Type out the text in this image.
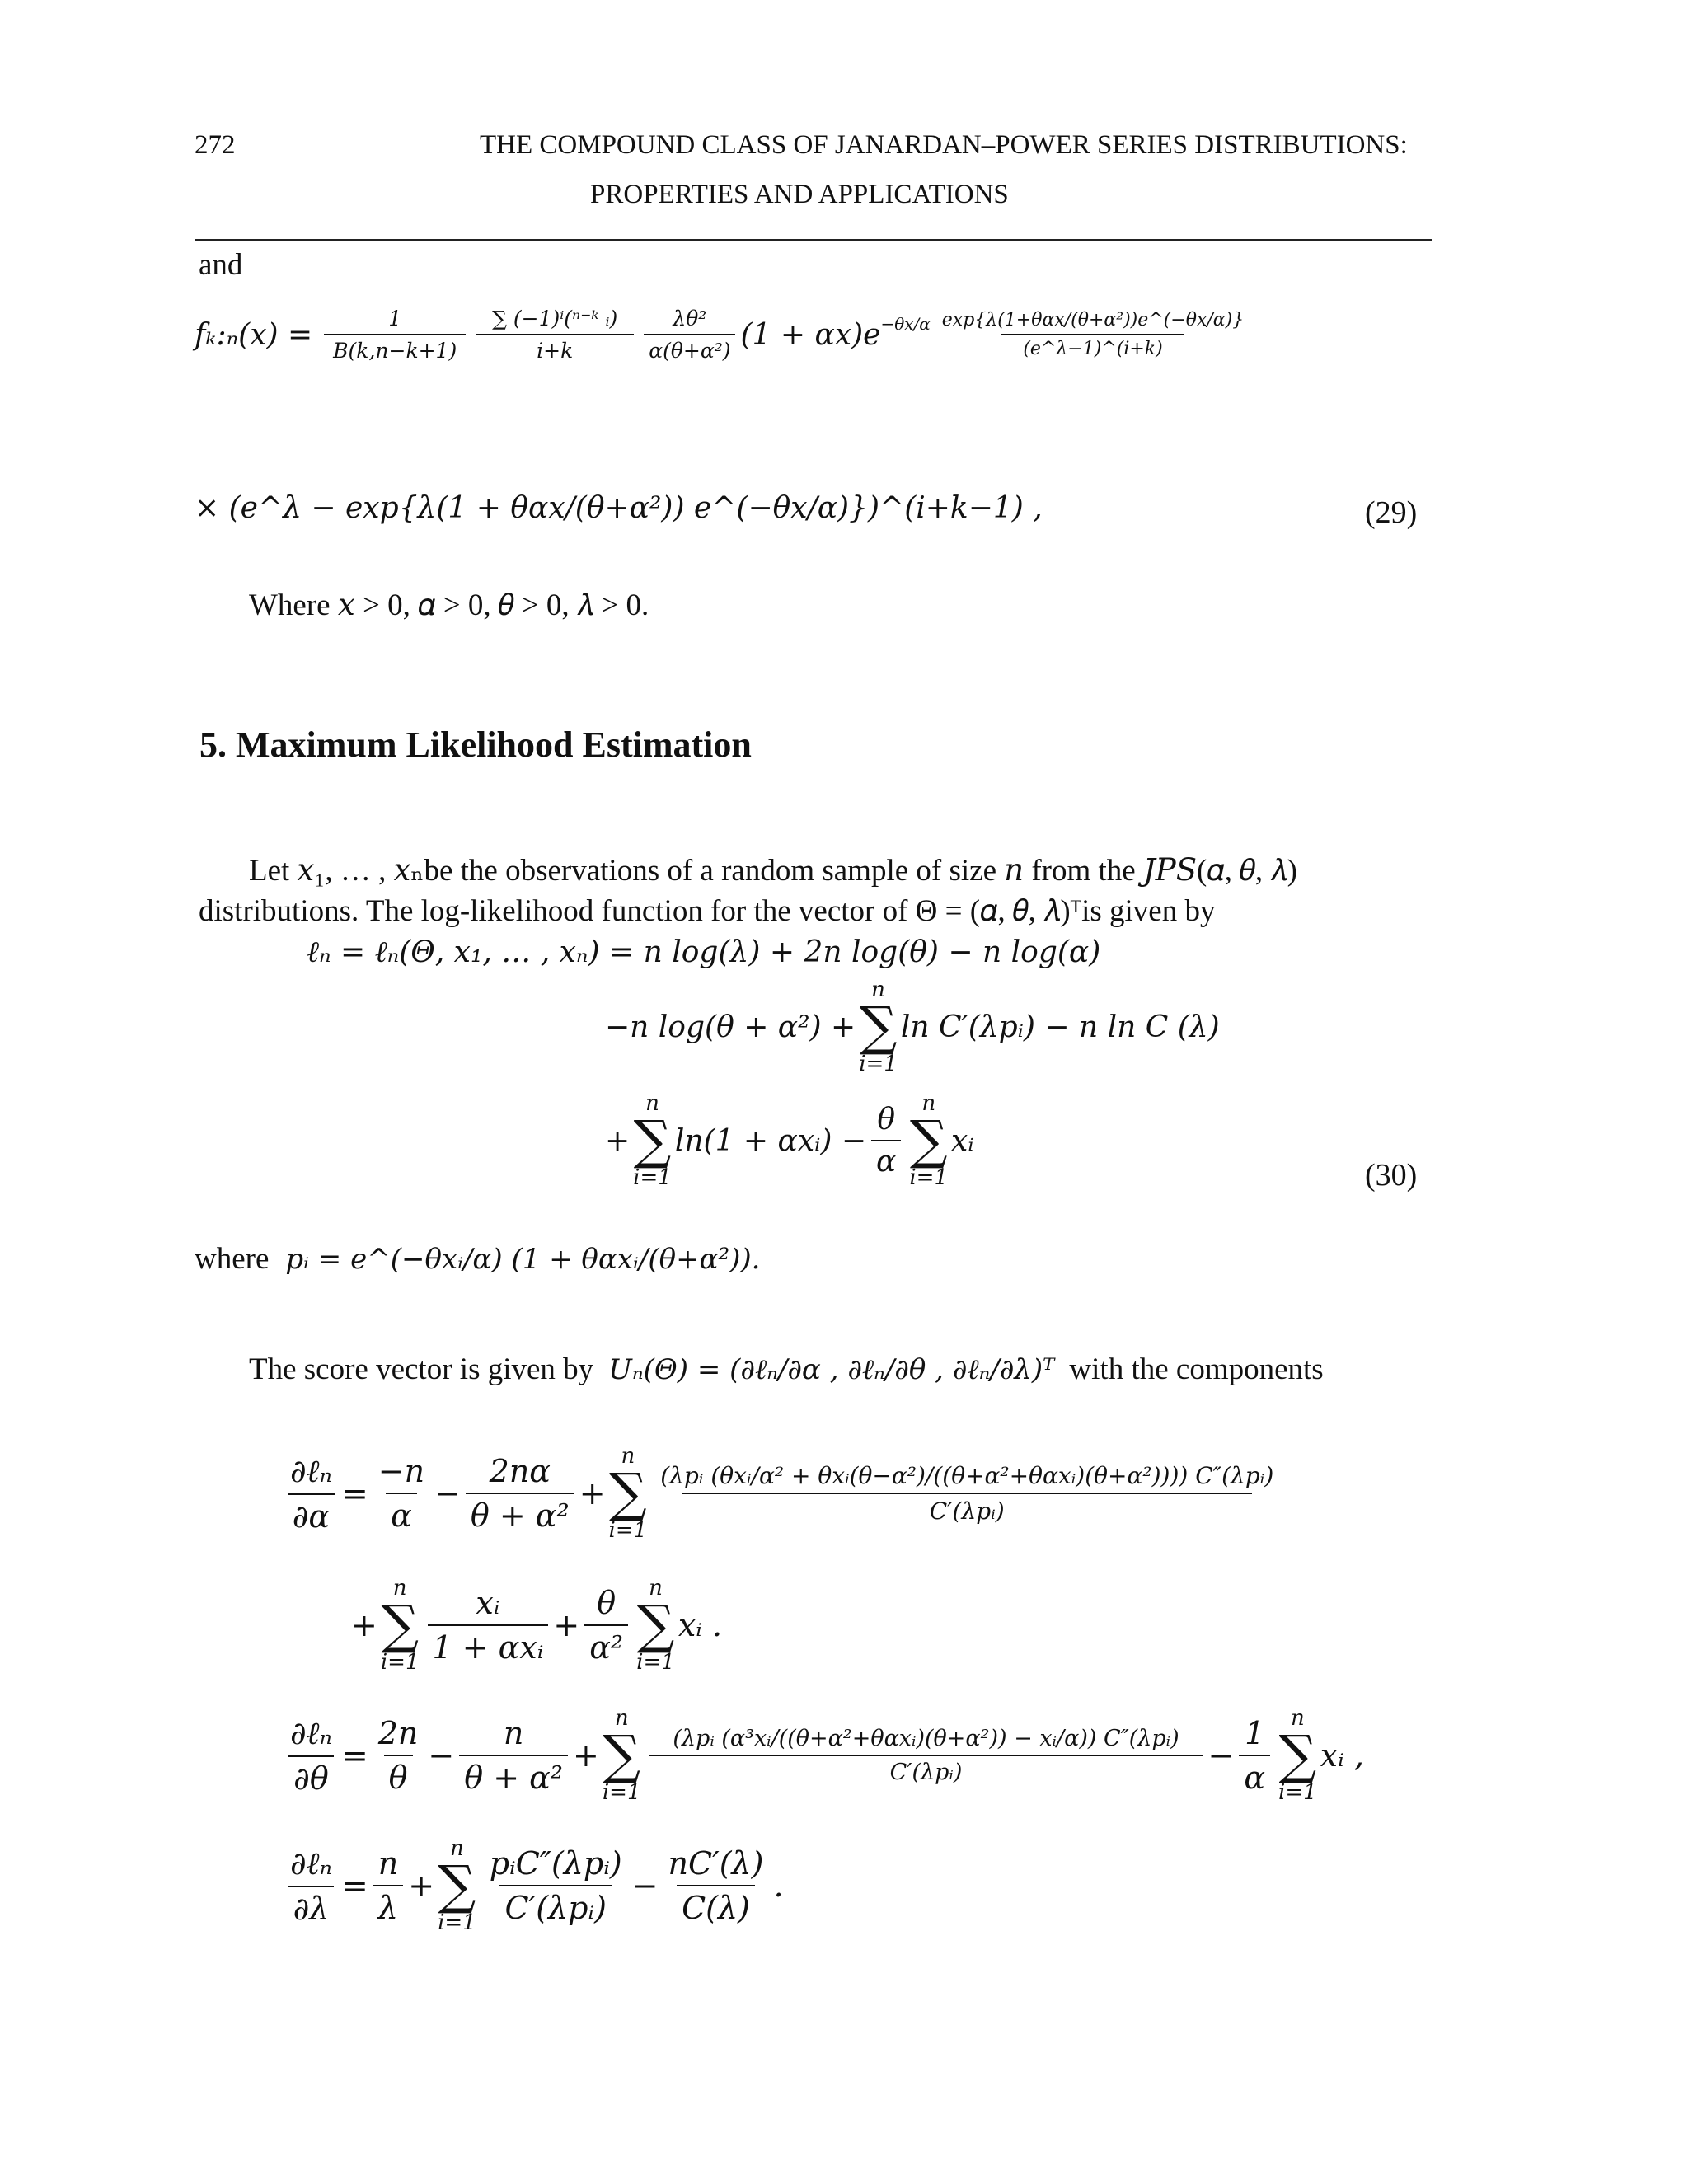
272	THE COMPOUND CLASS OF JANARDAN–POWER SERIES DISTRIBUTIONS:
PROPERTIES AND APPLICATIONS
and
𝑓ₖ:ₙ(𝑥) = $\frac{1}{\text{𝐵(𝑘,𝑛−𝑘+1)}} \frac{\text{∑ (−1)ⁱ(ⁿ⁻ᵏ ᵢ)}}{\text{𝑖+𝑘}} \frac{\text{𝜆𝜃²}}{\text{𝛼(𝜃+𝛼²)}} (1$ + 𝛼𝑥)𝑒$^{-𝜃𝑥/𝛼}$ $\frac{\text{𝑒𝑥𝑝\{𝜆(1+𝜃𝛼𝑥/(𝜃+𝛼²))𝑒\textasciicircum{}(−𝜃𝑥/𝛼)\}}}{\text{(𝑒\textasciicircum{}𝜆−1)\textasciicircum{}(𝑖+𝑘)}}$
× (𝑒^𝜆 − 𝑒𝑥𝑝{𝜆(1 + 𝜃𝛼𝑥/(𝜃+𝛼²)) 𝑒^(−𝜃𝑥/𝛼)})^(𝑖+𝑘−1) ,	(29)
Where 𝑥 > 0, 𝛼 > 0, 𝜃 > 0, 𝜆 > 0.
5. Maximum Likelihood Estimation
Let 𝑥₁, … , 𝑥ₙbe the observations of a random sample of size 𝑛 from the 𝐽𝑃𝑆(𝛼, 𝜃, 𝜆)
distributions. The log-likelihood function for the vector of Θ = (𝛼, 𝜃, 𝜆)ᵀis given by
ℓₙ = ℓₙ(Θ, 𝑥₁, … , 𝑥ₙ) = 𝑛 𝑙𝑜𝑔(𝜆) + 2𝑛 𝑙𝑜𝑔(𝜃) − 𝑛 𝑙𝑜𝑔(𝛼)
−𝑛 𝑙𝑜𝑔(𝜃 + 𝛼²) +
𝑛
∑
𝑖=1
𝑙𝑛 𝐶′(𝜆𝑝ᵢ) − 𝑛 𝑙𝑛 𝐶 (𝜆)
+
𝑛
∑
𝑖=1
𝑙𝑛(1 + 𝛼𝑥ᵢ) − $\frac{\text{𝜃}}{\text{𝛼}}$ 𝑛
∑
𝑖=1
𝑥ᵢ
(30)
where 𝑝ᵢ = 𝑒^(−𝜃𝑥ᵢ/𝛼) (1 + 𝜃𝛼𝑥ᵢ/(𝜃+𝛼²)).
The score vector is given by 𝑈ₙ(Θ) = (∂ℓₙ/∂𝛼 , ∂ℓₙ/∂𝜃 , ∂ℓₙ/∂𝜆)ᵀ with the components
$\frac{\text{∂ℓₙ}}{\text{∂𝛼}} = \frac{\text{−𝑛}}{\text{𝛼}} - \frac{\text{2𝑛𝛼}}{\text{𝜃 + 𝛼²}}$ +
𝑛
∑
𝑖=1
(𝜆𝑝ᵢ (𝜃𝑥ᵢ/𝛼² + 𝜃𝑥ᵢ(𝜃−𝛼²)/((𝜃+𝛼²+𝜃𝛼𝑥ᵢ)(𝜃+𝛼²)))) 𝐶″(𝜆𝑝ᵢ)
𝐶′(𝜆𝑝ᵢ)
+
𝑛
∑
𝑖=1 $\frac{\text{𝑥ᵢ}}{\text{1 + 𝛼𝑥ᵢ}} + \frac{\text{𝜃}}{\text{𝛼²}}$ 𝑛
∑
𝑖=1
𝑥ᵢ .
$\frac{\text{∂ℓₙ}}{\text{∂𝜃}} = \frac{\text{2𝑛}}{\text{𝜃}} - \frac{\text{𝑛}}{\text{𝜃 + 𝛼²}}$ +
𝑛
∑
𝑖=1
(𝜆𝑝ᵢ (𝛼³𝑥ᵢ/((𝜃+𝛼²+𝜃𝛼𝑥ᵢ)(𝜃+𝛼²)) − 𝑥ᵢ/𝛼)) 𝐶″(𝜆𝑝ᵢ)
𝐶′(𝜆𝑝ᵢ)	− $\frac{1}{\text{𝛼}}$ 𝑛
∑
𝑖=1
𝑥ᵢ ,
$\frac{\text{∂ℓₙ}}{\text{∂𝜆}} = \frac{\text{𝑛}}{\text{𝜆}}$ +
𝑛
∑
𝑖=1 $\frac{\text{𝑝ᵢ𝐶″(𝜆𝑝ᵢ)}}{\text{𝐶′(𝜆𝑝ᵢ)}} - \frac{\text{𝑛𝐶′(𝜆)}}{\text{𝐶(𝜆)}}$ .
